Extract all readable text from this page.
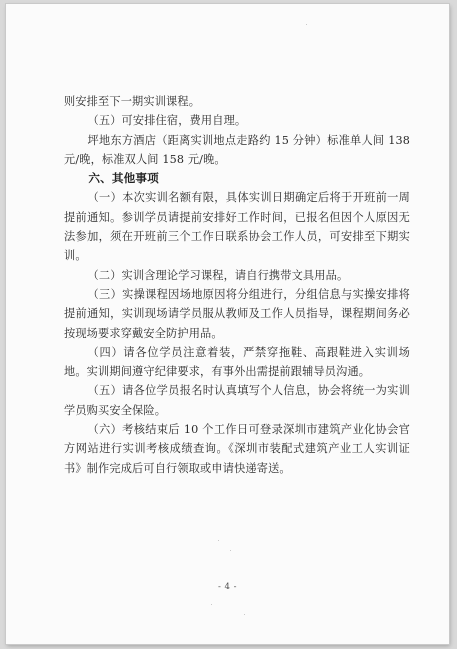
则安排至下一期实训课程。

（五）可安排住宿，费用自理。

坪地东方酒店（距离实训地点走路约 15 分钟）标准单人间 138 元/晚，标准双人间 158 元/晚。

六、其他事项

（一）本次实训名额有限，具体实训日期确定后将于开班前一周提前通知。参训学员请提前安排好工作时间，已报名但因个人原因无法参加，须在开班前三个工作日联系协会工作人员，可安排至下期实训。

（二）实训含理论学习课程，请自行携带文具用品。

（三）实操课程因场地原因将分组进行，分组信息与实操安排将提前通知，实训现场请学员服从教师及工作人员指导，课程期间务必按现场要求穿戴安全防护用品。

（四）请各位学员注意着装，严禁穿拖鞋、高跟鞋进入实训场地。实训期间遵守纪律要求，有事外出需提前跟辅导员沟通。

（五）请各位学员报名时认真填写个人信息，协会将统一为实训学员购买安全保险。

（六）考核结束后 10 个工作日可登录深圳市建筑产业化协会官方网站进行实训考核成绩查询。《深圳市装配式建筑产业工人实训证书》制作完成后可自行领取或申请快递寄送。

- 4 -
